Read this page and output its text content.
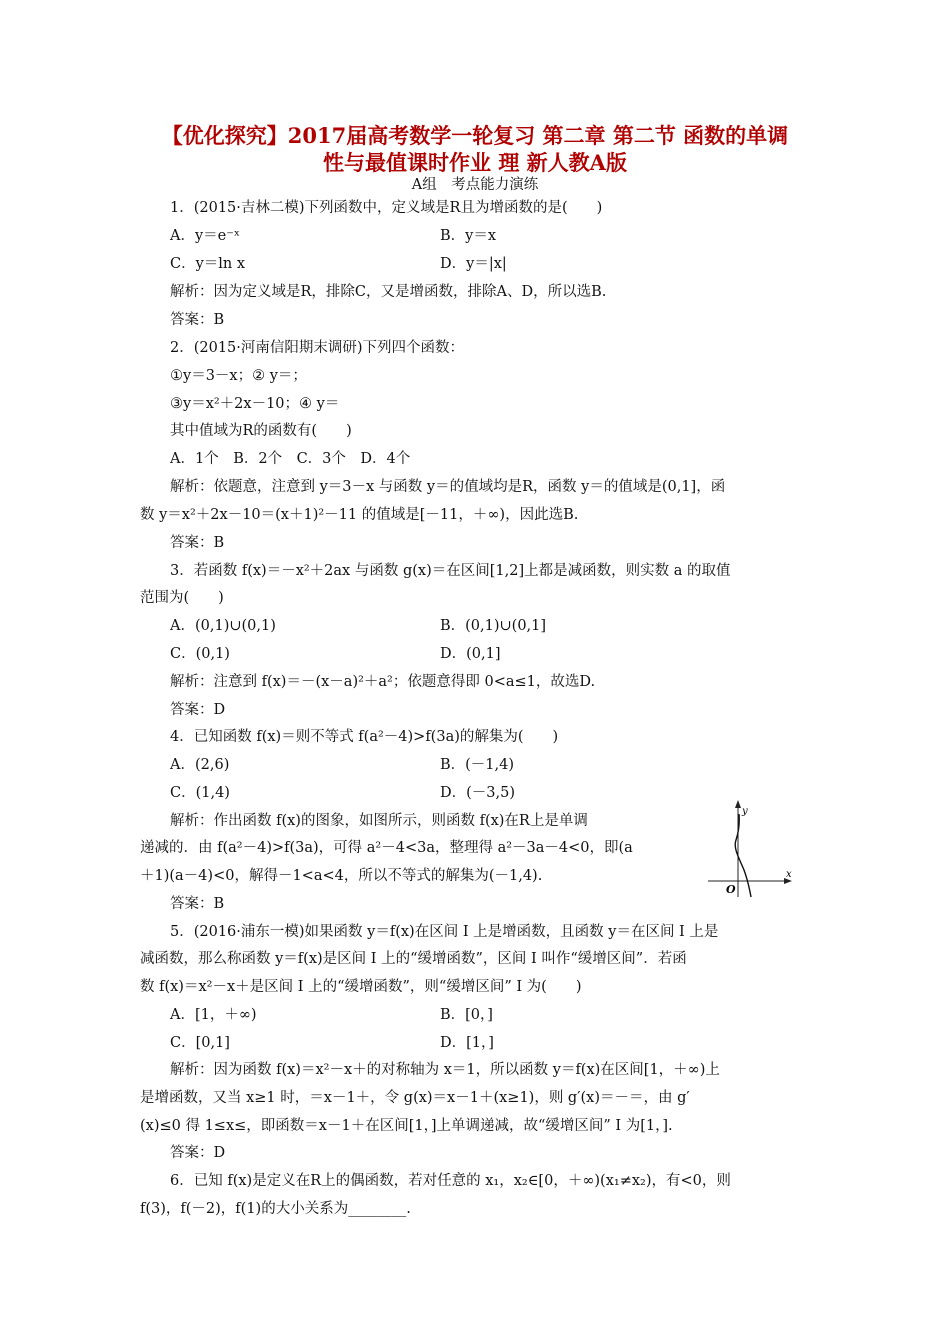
【优化探究】2017届高考数学一轮复习 第二章 第二节 函数的单调
性与最值课时作业 理 新人教A版
A组　考点能力演练
1．(2015·吉林二模)下列函数中，定义域是R且为增函数的是(　　)
A．y＝e⁻ˣ	B．y＝x
C．y＝ln x	D．y＝|x|
解析：因为定义域是R，排除C，又是增函数，排除A、D，所以选B.
答案：B
2．(2015·河南信阳期末调研)下列四个函数：
①y＝3－x；② y＝；
③y＝x²＋2x－10；④ y＝
其中值域为R的函数有(　　)
A．1个　B．2个　C．3个　D．4个
解析：依题意，注意到 y＝3－x 与函数 y＝的值域均是R，函数 y＝的值域是(0,1]，函
数 y＝x²＋2x－10＝(x＋1)²－11 的值域是[－11，＋∞)，因此选B.
答案：B
3．若函数 f(x)＝－x²＋2ax 与函数 g(x)＝在区间[1,2]上都是减函数，则实数 a 的取值
范围为(　　)
A．(0,1)∪(0,1)	B．(0,1)∪(0,1]
C．(0,1)	D．(0,1]
解析：注意到 f(x)＝－(x－a)²＋a²；依题意得即 0<a≤1，故选D.
答案：D
4．已知函数 f(x)＝则不等式 f(a²－4)>f(3a)的解集为(　　)
A．(2,6)	B．(－1,4)
C．(1,4)	D．(－3,5)
解析：作出函数 f(x)的图象，如图所示，则函数 f(x)在R上是单调
递减的．由 f(a²－4)>f(3a)，可得 a²－4<3a，整理得 a²－3a－4<0，即(a
＋1)(a－4)<0，解得－1<a<4，所以不等式的解集为(－1,4).
答案：B
y
x
O
5．(2016·浦东一模)如果函数 y＝f(x)在区间 I 上是增函数，且函数 y＝在区间 I 上是
减函数，那么称函数 y＝f(x)是区间 I 上的“缓增函数”，区间 I 叫作“缓增区间”．若函
数 f(x)＝x²－x＋是区间 I 上的“缓增函数”，则“缓增区间” I 为(　　)
A．[1，＋∞)	B．[0，]
C．[0,1]	D．[1，]
解析：因为函数 f(x)＝x²－x＋的对称轴为 x＝1，所以函数 y＝f(x)在区间[1，＋∞)上
是增函数，又当 x≥1 时，＝x－1＋，令 g(x)＝x－1＋(x≥1)，则 g′(x)＝－＝，由 g′
(x)≤0 得 1≤x≤，即函数＝x－1＋在区间[1，]上单调递减，故“缓增区间” I 为[1，].
答案：D
6．已知 f(x)是定义在R上的偶函数，若对任意的 x₁，x₂∈[0，＋∞)(x₁≠x₂)，有<0，则
f(3)，f(－2)，f(1)的大小关系为________.
